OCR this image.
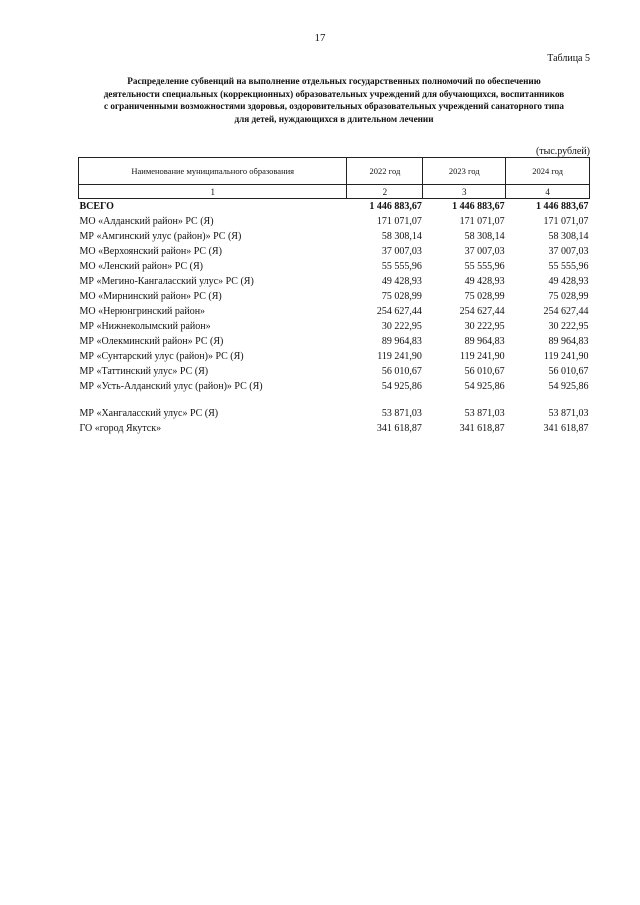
17
Таблица 5
Распределение субвенций на выполнение отдельных государственных полномочий по обеспечению
деятельности специальных (коррекционных) образовательных учреждений для обучающихся, воспитанников
с ограниченными возможностями здоровья, оздоровительных образовательных учреждений санаторного типа
для детей, нуждающихся в длительном лечении
(тыс.рублей)
Наименование муниципального образования	2022 год	2023 год	2024 год
1	2	3	4
ВСЕГО	1 446 883,67	1 446 883,67	1 446 883,67
МО «Алданский район» РС (Я)	171 071,07	171 071,07	171 071,07
МР «Амгинский улус (район)» РС (Я)	58 308,14	58 308,14	58 308,14
МО «Верхоянский район» РС (Я)	37 007,03	37 007,03	37 007,03
МО «Ленский район» РС (Я)	55 555,96	55 555,96	55 555,96
МР «Мегино-Кангаласский улус» РС (Я)	49 428,93	49 428,93	49 428,93
МО «Мирнинский район» РС (Я)	75 028,99	75 028,99	75 028,99
МО «Нерюнгринский район»	254 627,44	254 627,44	254 627,44
МР «Нижнеколымский район»	30 222,95	30 222,95	30 222,95
МР «Олекминский район» РС (Я)	89 964,83	89 964,83	89 964,83
МР «Сунтарский улус (район)» РС (Я)	119 241,90	119 241,90	119 241,90
МР «Таттинский улус» РС (Я)	56 010,67	56 010,67	56 010,67
МР «Усть-Алданский улус (район)» РС (Я)	54 925,86	54 925,86	54 925,86

МР «Хангаласский улус» РС (Я)	53 871,03	53 871,03	53 871,03
ГО «город Якутск»	341 618,87	341 618,87	341 618,87
